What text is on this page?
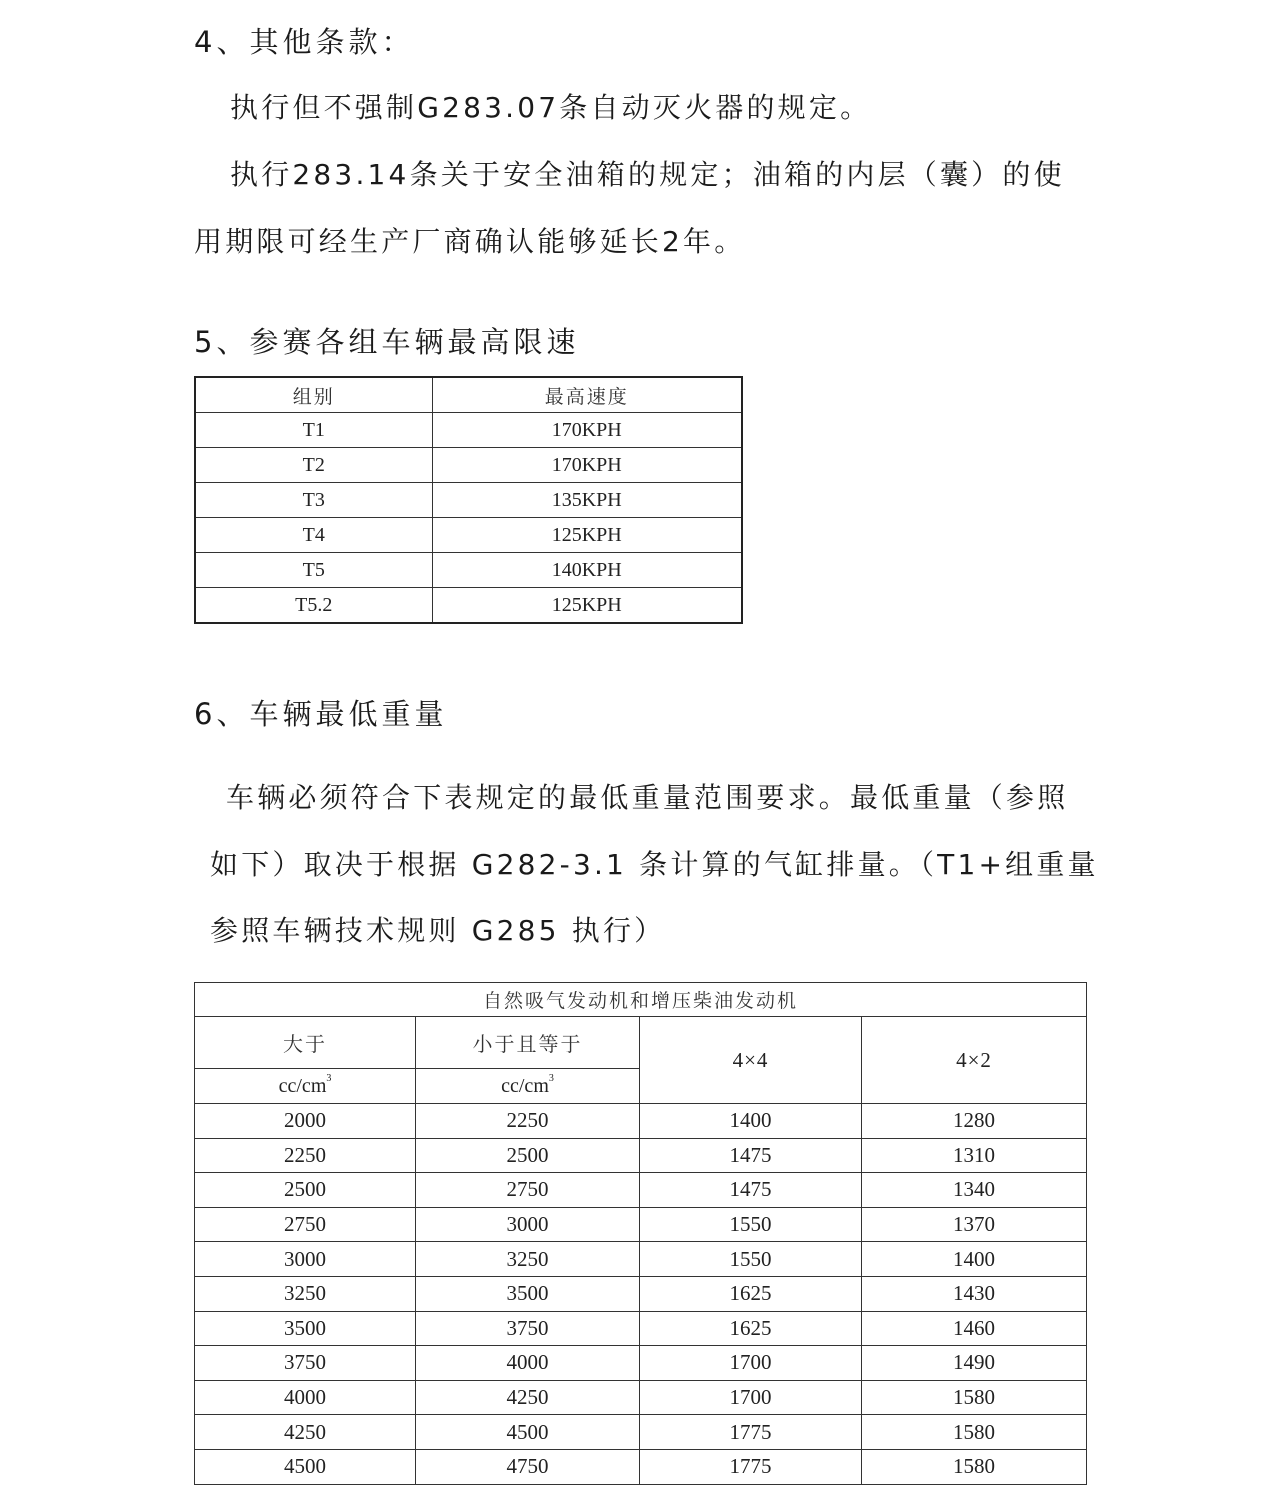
4、其他条款：
执行但不强制G283.07条自动灭火器的规定。
执行283.14条关于安全油箱的规定；油箱的内层（囊）的使
用期限可经生产厂商确认能够延长2年。
5、参赛各组车辆最高限速
组别	最高速度
T1	170KPH
T2	170KPH
T3	135KPH
T4	125KPH
T5	140KPH
T5.2	125KPH
6、车辆最低重量
车辆必须符合下表规定的最低重量范围要求。最低重量（参照
如下）取决于根据 G282-3.1 条计算的气缸排量。（T1+组重量
参照车辆技术规则 G285 执行）
自然吸气发动机和增压柴油发动机			
大于	小于且等于	4×4	4×2
$cc/cm^3$	$cc/cm^3$
2000	2250	1400	1280
2250	2500	1475	1310
2500	2750	1475	1340
2750	3000	1550	1370
3000	3250	1550	1400
3250	3500	1625	1430
3500	3750	1625	1460
3750	4000	1700	1490
4000	4250	1700	1580
4250	4500	1775	1580
4500	4750	1775	1580
